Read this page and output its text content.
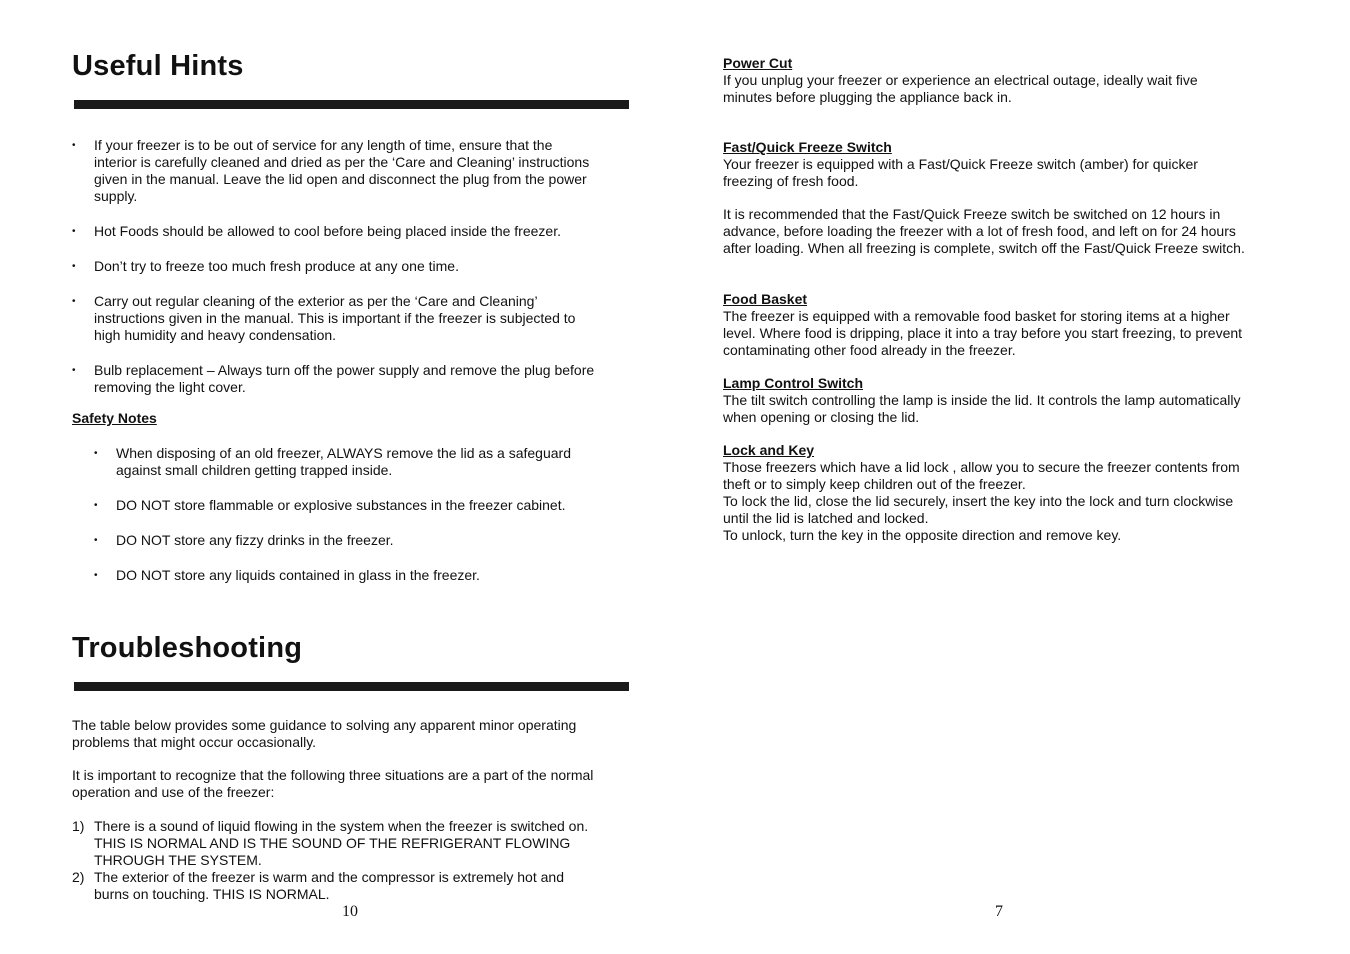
Useful Hints
• If your freezer is to be out of service for any length of time, ensure that the
interior is carefully cleaned and dried as per the ‘Care and Cleaning’ instructions
given in the manual. Leave the lid open and disconnect the plug from the power
supply.
• Hot Foods should be allowed to cool before being placed inside the freezer.
• Don’t try to freeze too much fresh produce at any one time.
• Carry out regular cleaning of the exterior as per the ‘Care and Cleaning’
instructions given in the manual. This is important if the freezer is subjected to
high humidity and heavy condensation.
• Bulb replacement – Always turn off the power supply and remove the plug before
removing the light cover.
Safety Notes
• When disposing of an old freezer, ALWAYS remove the lid as a safeguard
against small children getting trapped inside.
• DO NOT store flammable or explosive substances in the freezer cabinet.
• DO NOT store any fizzy drinks in the freezer.
• DO NOT store any liquids contained in glass in the freezer.
Troubleshooting
The table below provides some guidance to solving any apparent minor operating
problems that might occur occasionally.
It is important to recognize that the following three situations are a part of the normal
operation and use of the freezer:
1) There is a sound of liquid flowing in the system when the freezer is switched on.
THIS IS NORMAL AND IS THE SOUND OF THE REFRIGERANT FLOWING
THROUGH THE SYSTEM.
2) The exterior of the freezer is warm and the compressor is extremely hot and
burns on touching. THIS IS NORMAL.
10
Power Cut
If you unplug your freezer or experience an electrical outage, ideally wait five
minutes before plugging the appliance back in.
Fast/Quick Freeze Switch
Your freezer is equipped with a Fast/Quick Freeze switch (amber) for quicker
freezing of fresh food.
It is recommended that the Fast/Quick Freeze switch be switched on 12 hours in
advance, before loading the freezer with a lot of fresh food, and left on for 24 hours
after loading. When all freezing is complete, switch off the Fast/Quick Freeze switch.
Food Basket
The freezer is equipped with a removable food basket for storing items at a higher
level. Where food is dripping, place it into a tray before you start freezing, to prevent
contaminating other food already in the freezer.
Lamp Control Switch
The tilt switch controlling the lamp is inside the lid. It controls the lamp automatically
when opening or closing the lid.
Lock and Key
Those freezers which have a lid lock , allow you to secure the freezer contents from
theft or to simply keep children out of the freezer.
To lock the lid, close the lid securely, insert the key into the lock and turn clockwise
until the lid is latched and locked.
To unlock, turn the key in the opposite direction and remove key.
7
